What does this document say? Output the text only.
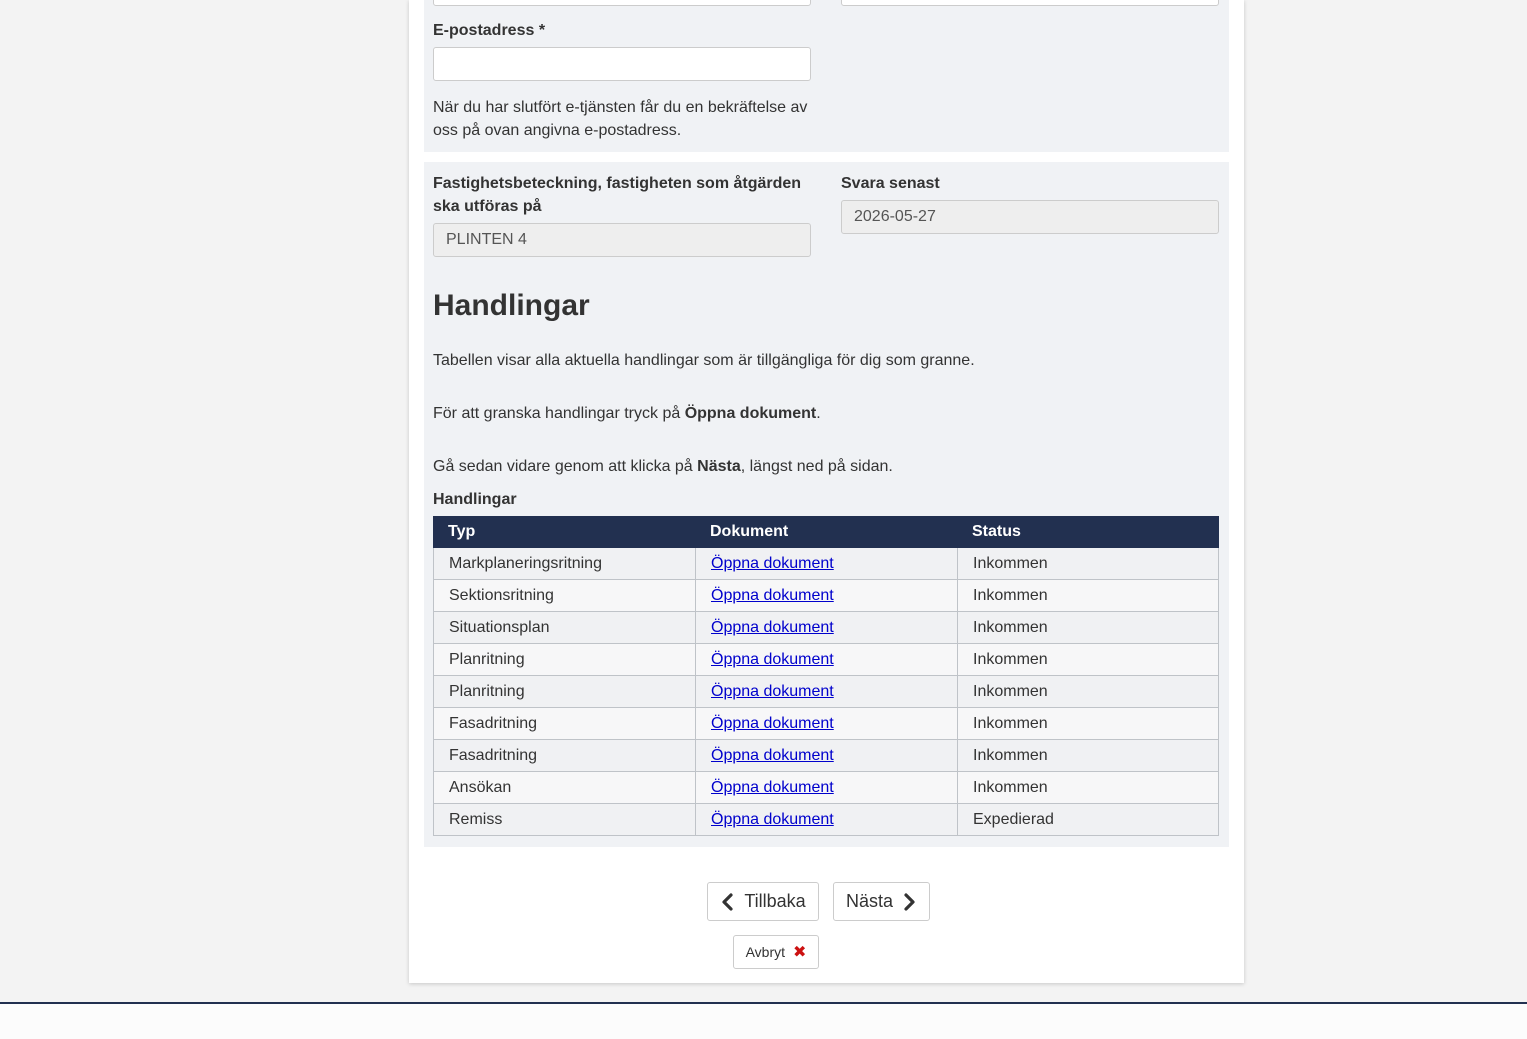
E-postadress *
När du har slutfört e-tjänsten får du en bekräftelse av oss på ovan angivna e-postadress.
Fastighetsbeteckning, fastigheten som åtgärden ska utföras på
PLINTEN 4
Svara senast
2026-05-27
Handlingar
Tabellen visar alla aktuella handlingar som är tillgängliga för dig som granne.
För att granska handlingar tryck på Öppna dokument.
Gå sedan vidare genom att klicka på Nästa, längst ned på sidan.
Handlingar
Typ	Dokument	Status
Markplaneringsritning	Öppna dokument	Inkommen
Sektionsritning	Öppna dokument	Inkommen
Situationsplan	Öppna dokument	Inkommen
Planritning	Öppna dokument	Inkommen
Planritning	Öppna dokument	Inkommen
Fasadritning	Öppna dokument	Inkommen
Fasadritning	Öppna dokument	Inkommen
Ansökan	Öppna dokument	Inkommen
Remiss	Öppna dokument	Expedierad
Tillbaka Nästa
Avbryt ✖
